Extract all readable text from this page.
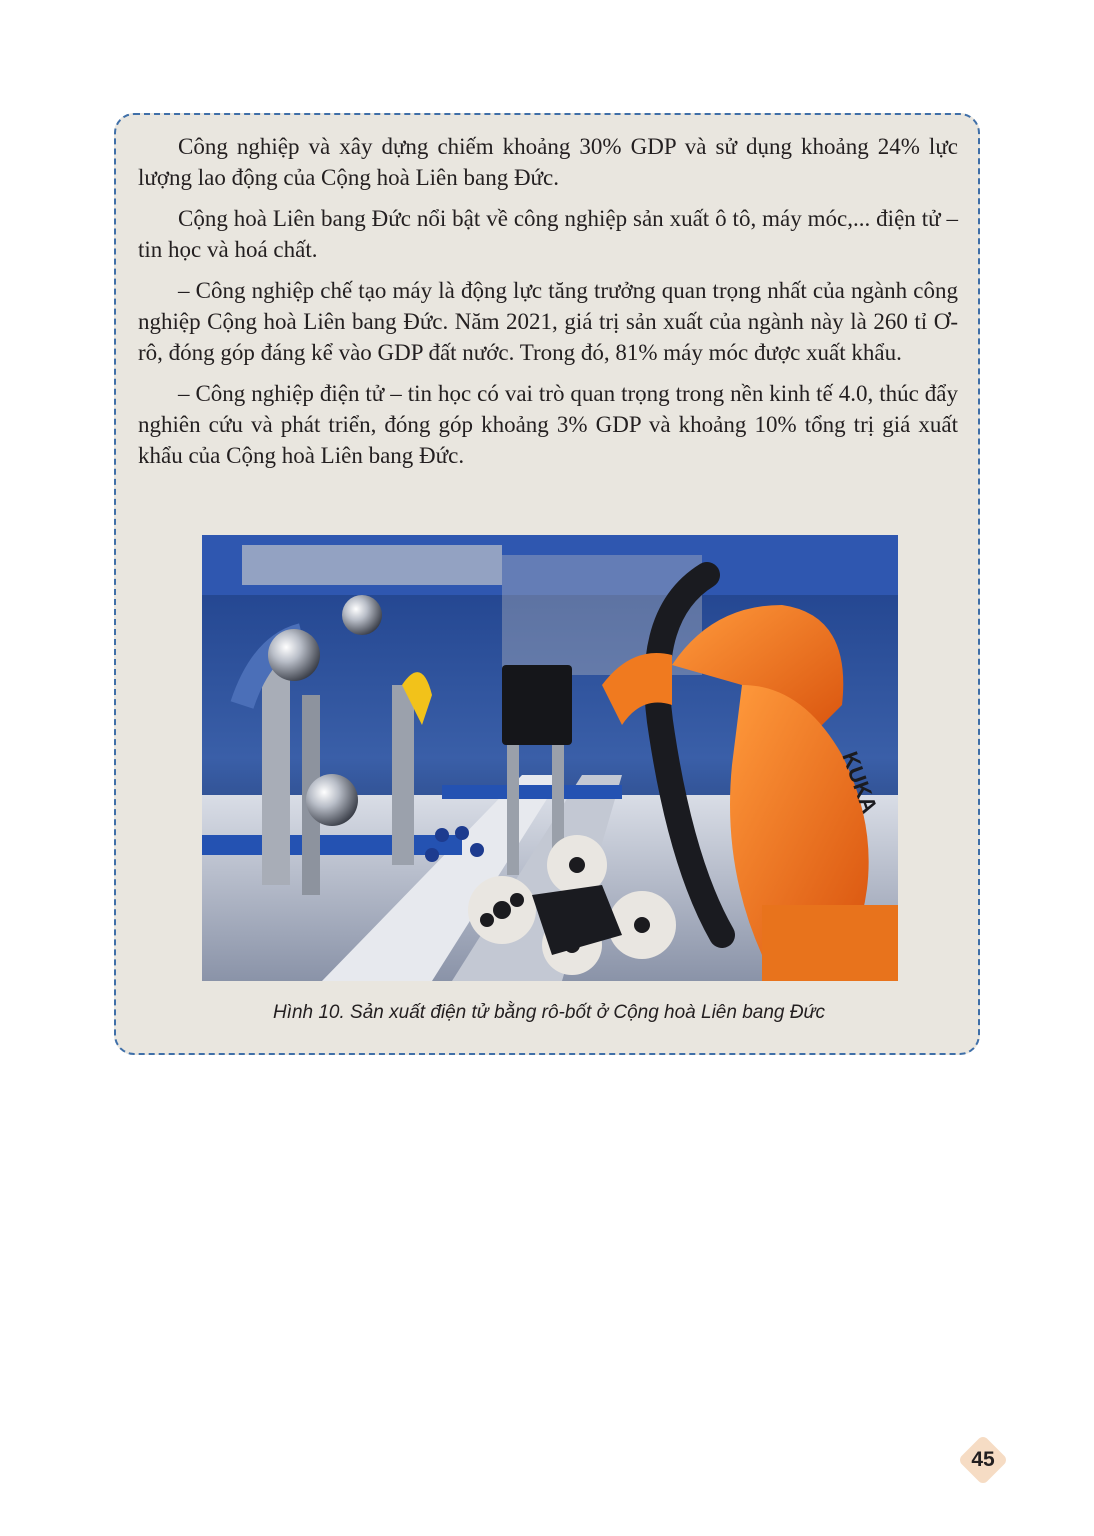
Công nghiệp và xây dựng chiếm khoảng 30% GDP và sử dụng khoảng 24% lực lượng lao động của Cộng hoà Liên bang Đức.

Cộng hoà Liên bang Đức nổi bật về công nghiệp sản xuất ô tô, máy móc,... điện tử – tin học và hoá chất.

– Công nghiệp chế tạo máy là động lực tăng trưởng quan trọng nhất của ngành công nghiệp Cộng hoà Liên bang Đức. Năm 2021, giá trị sản xuất của ngành này là 260 tỉ Ơ-rô, đóng góp đáng kể vào GDP đất nước. Trong đó, 81% máy móc được xuất khẩu.

– Công nghiệp điện tử – tin học có vai trò quan trọng trong nền kinh tế 4.0, thúc đẩy nghiên cứu và phát triển, đóng góp khoảng 3% GDP và khoảng 10% tổng trị giá xuất khẩu của Cộng hoà Liên bang Đức.

KUKA
Hình 10. Sản xuất điện tử bằng rô-bốt ở Cộng hoà Liên bang Đức
45
